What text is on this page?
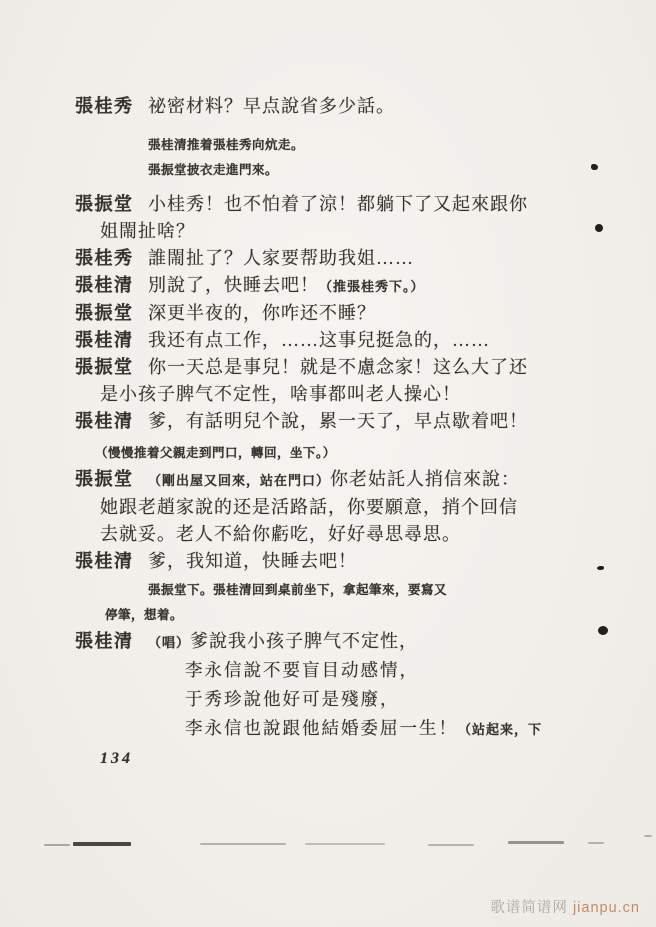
張桂秀 祕密材料？早点說省多少話。
張桂清推着張桂秀向炕走。
張振堂披衣走進門來。
張振堂 小桂秀！也不怕着了涼！都躺下了又起來跟你
姐閙扯啥？
張桂秀 誰閙扯了？人家要帮助我姐……
張桂清 別說了，快睡去吧！（推張桂秀下。）
張振堂 深更半夜的，你咋还不睡？
張桂清 我还有点工作，……这事兒挺急的，……
張振堂 你一天总是事兒！就是不慮念家！这么大了还
是小孩子脾气不定性，啥事都叫老人操心！
張桂清 爹，有話明兒个說，累一天了，早点歇着吧！
（慢慢推着父親走到門口，轉回，坐下。）
張振堂 （剛出屋又回來，站在門口）你老姑託人捎信來說：
她跟老趙家說的还是活路話，你要願意，捎个回信
去就妥。老人不給你虧吃，好好尋思尋思。
張桂清 爹，我知道，快睡去吧！
張振堂下。張桂清回到桌前坐下，拿起筆來，要寫又
停筆，想着。
張桂清 （唱）爹說我小孩子脾气不定性，
李永信說不要盲目动感情，
于秀珍說他好可是殘廢，
李永信也說跟他結婚委屈一生！（站起来，下
134
歌谱简谱网 jianpu.cn
